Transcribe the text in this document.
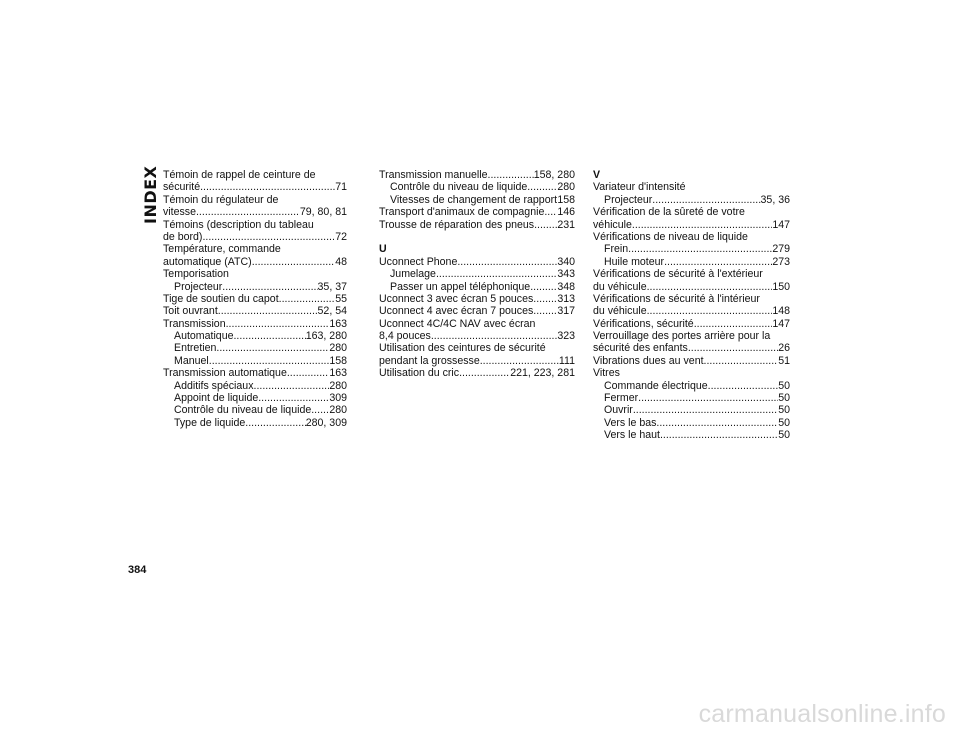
INDEX Témoin de rappel de ceinture de
sécurité .....	71
Témoin du régulateur de
vitesse .....	79, 80, 81
Témoins (description du tableau
de bord) .....	72
Température, commande
automatique (ATC) .....	48
Temporisation
Projecteur .....	35, 37
Tige de soutien du capot .....	55
Toit ouvrant .....	52, 54
Transmission .....	163
Automatique .....	163, 280
Entretien .....	280
Manuel .....	158
Transmission automatique .....	163
Additifs spéciaux .....	280
Appoint de liquide .....	309
Contrôle du niveau de liquide ..... 280
Type de liquide .....	280, 309
Transmission manuelle .....	158, 280
Contrôle du niveau de liquide .....	280
Vitesses de changement de rapport ..... 158
Transport d'animaux de compagnie ..... 146
Trousse de réparation des pneus ..... 231
U
Uconnect Phone .....	340
Jumelage .....	343
Passer un appel téléphonique .....	348
Uconnect 3 avec écran 5 pouces ..... 313
Uconnect 4 avec écran 7 pouces ..... 317
Uconnect 4C/4C NAV avec écran
8,4 pouces .....	323
Utilisation des ceintures de sécurité
pendant la grossesse .....	111
Utilisation du cric .....	221, 223, 281
V
Variateur d'intensité
Projecteur .....	35, 36
Vérification de la sûreté de votre
véhicule .....	147
Vérifications de niveau de liquide
Frein .....	279
Huile moteur .....	273
Vérifications de sécurité à l'extérieur
du véhicule .....	150
Vérifications de sécurité à l'intérieur
du véhicule .....	148
Vérifications, sécurité .....	147
Verrouillage des portes arrière pour la
sécurité des enfants .....	26
Vibrations dues au vent .....	51
Vitres
Commande électrique .....	50
Fermer .....	50
Ouvrir .....	50
Vers le bas .....	50
Vers le haut .....	50
384
carmanualsonline.info
